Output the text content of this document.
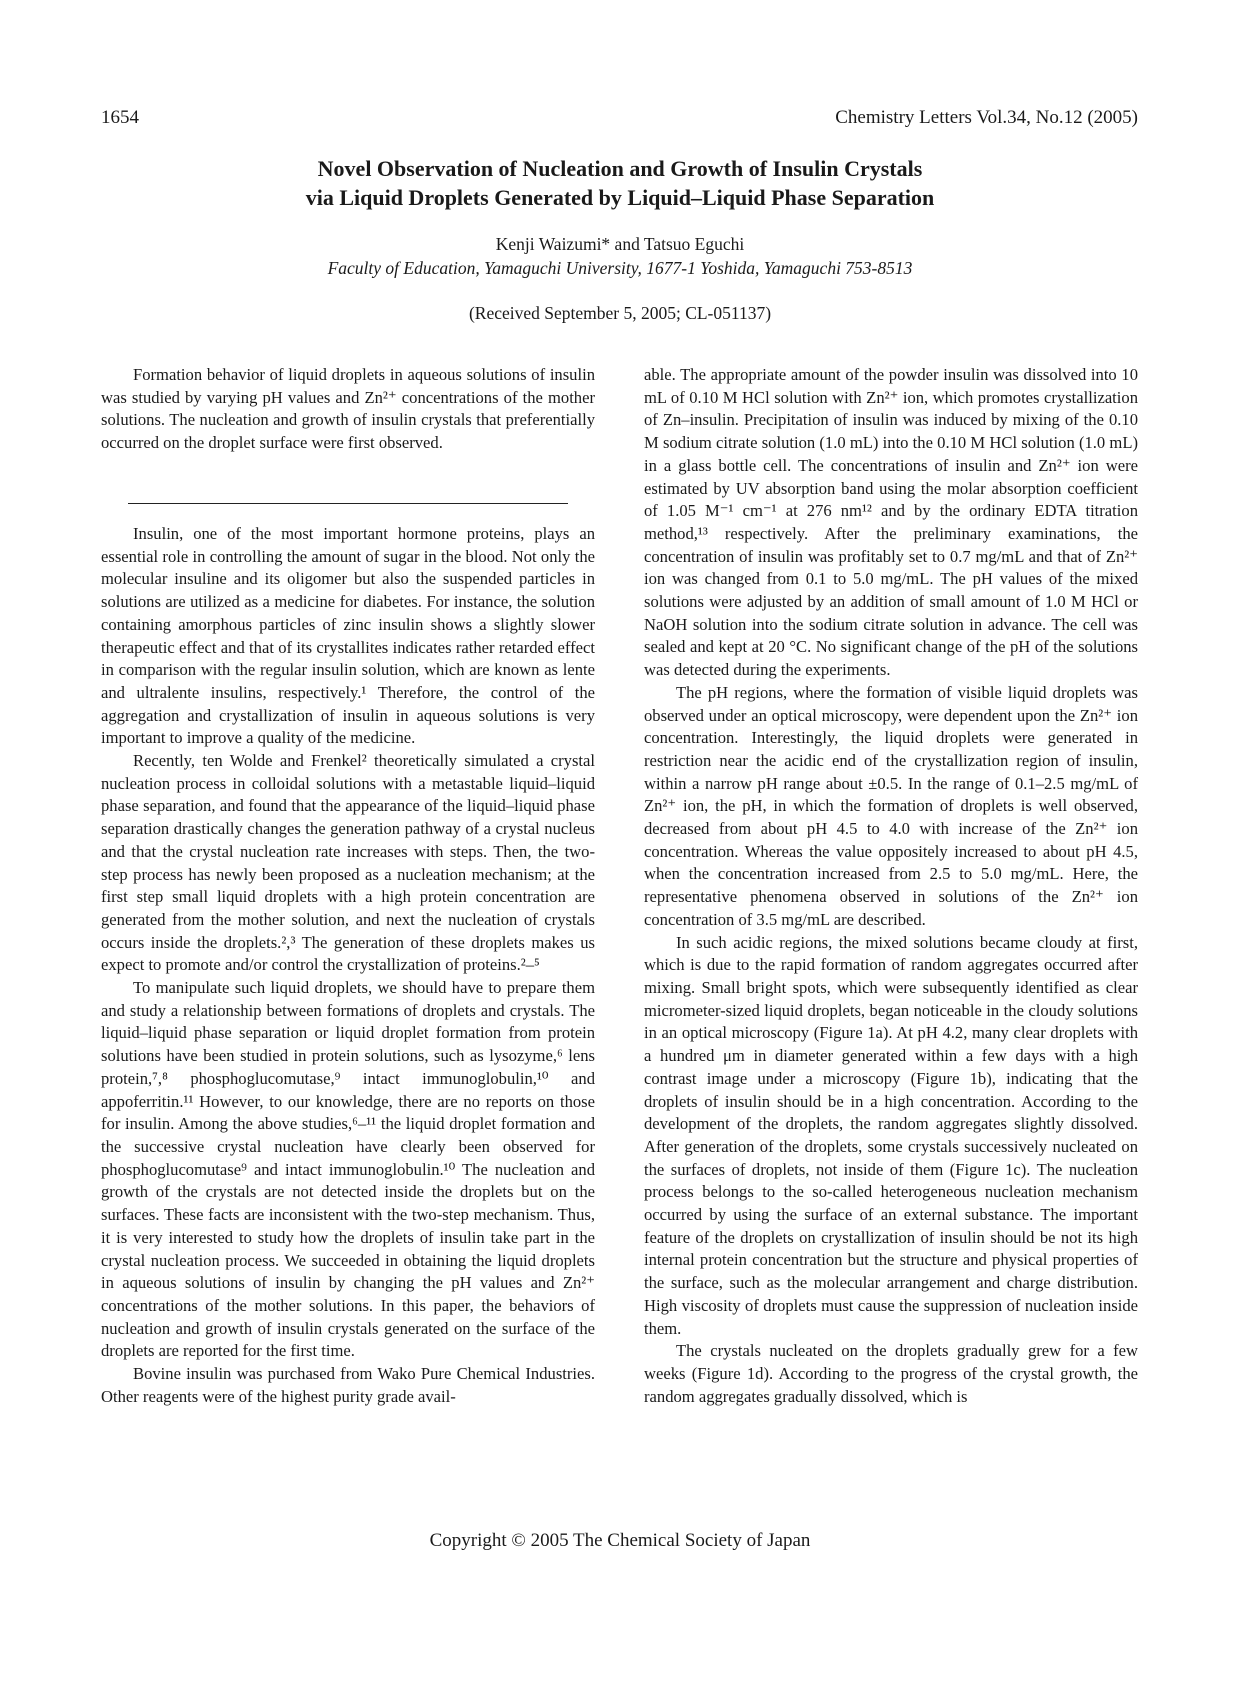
1654	Chemistry Letters Vol.34, No.12 (2005)
Novel Observation of Nucleation and Growth of Insulin Crystals
via Liquid Droplets Generated by Liquid–Liquid Phase Separation
Kenji Waizumi* and Tatsuo Eguchi
Faculty of Education, Yamaguchi University, 1677-1 Yoshida, Yamaguchi 753-8513
(Received September 5, 2005; CL-051137)

Formation behavior of liquid droplets in aqueous solutions of insulin was studied by varying pH values and Zn²⁺ concentrations of the mother solutions. The nucleation and growth of insulin crystals that preferentially occurred on the droplet surface were first observed.

Insulin, one of the most important hormone proteins, plays an essential role in controlling the amount of sugar in the blood. Not only the molecular insuline and its oligomer but also the suspended particles in solutions are utilized as a medicine for diabetes. For instance, the solution containing amorphous particles of zinc insulin shows a slightly slower therapeutic effect and that of its crystallites indicates rather retarded effect in comparison with the regular insulin solution, which are known as lente and ultralente insulins, respectively.¹ Therefore, the control of the aggregation and crystallization of insulin in aqueous solutions is very important to improve a quality of the medicine.

Recently, ten Wolde and Frenkel² theoretically simulated a crystal nucleation process in colloidal solutions with a metastable liquid–liquid phase separation, and found that the appearance of the liquid–liquid phase separation drastically changes the generation pathway of a crystal nucleus and that the crystal nucleation rate increases with steps. Then, the two-step process has newly been proposed as a nucleation mechanism; at the first step small liquid droplets with a high protein concentration are generated from the mother solution, and next the nucleation of crystals occurs inside the droplets.²,³ The generation of these droplets makes us expect to promote and/or control the crystallization of proteins.²–⁵

To manipulate such liquid droplets, we should have to prepare them and study a relationship between formations of droplets and crystals. The liquid–liquid phase separation or liquid droplet formation from protein solutions have been studied in protein solutions, such as lysozyme,⁶ lens protein,⁷,⁸ phosphoglucomutase,⁹ intact immunoglobulin,¹⁰ and appoferritin.¹¹ However, to our knowledge, there are no reports on those for insulin. Among the above studies,⁶–¹¹ the liquid droplet formation and the successive crystal nucleation have clearly been observed for phosphoglucomutase⁹ and intact immunoglobulin.¹⁰ The nucleation and growth of the crystals are not detected inside the droplets but on the surfaces. These facts are inconsistent with the two-step mechanism. Thus, it is very interested to study how the droplets of insulin take part in the crystal nucleation process. We succeeded in obtaining the liquid droplets in aqueous solutions of insulin by changing the pH values and Zn²⁺ concentrations of the mother solutions. In this paper, the behaviors of nucleation and growth of insulin crystals generated on the surface of the droplets are reported for the first time.

Bovine insulin was purchased from Wako Pure Chemical Industries. Other reagents were of the highest purity grade avail-

able. The appropriate amount of the powder insulin was dissolved into 10 mL of 0.10 M HCl solution with Zn²⁺ ion, which promotes crystallization of Zn–insulin. Precipitation of insulin was induced by mixing of the 0.10 M sodium citrate solution (1.0 mL) into the 0.10 M HCl solution (1.0 mL) in a glass bottle cell. The concentrations of insulin and Zn²⁺ ion were estimated by UV absorption band using the molar absorption coefficient of 1.05 M⁻¹ cm⁻¹ at 276 nm¹² and by the ordinary EDTA titration method,¹³ respectively. After the preliminary examinations, the concentration of insulin was profitably set to 0.7 mg/mL and that of Zn²⁺ ion was changed from 0.1 to 5.0 mg/mL. The pH values of the mixed solutions were adjusted by an addition of small amount of 1.0 M HCl or NaOH solution into the sodium citrate solution in advance. The cell was sealed and kept at 20 °C. No significant change of the pH of the solutions was detected during the experiments.

The pH regions, where the formation of visible liquid droplets was observed under an optical microscopy, were dependent upon the Zn²⁺ ion concentration. Interestingly, the liquid droplets were generated in restriction near the acidic end of the crystallization region of insulin, within a narrow pH range about ±0.5. In the range of 0.1–2.5 mg/mL of Zn²⁺ ion, the pH, in which the formation of droplets is well observed, decreased from about pH 4.5 to 4.0 with increase of the Zn²⁺ ion concentration. Whereas the value oppositely increased to about pH 4.5, when the concentration increased from 2.5 to 5.0 mg/mL. Here, the representative phenomena observed in solutions of the Zn²⁺ ion concentration of 3.5 mg/mL are described.

In such acidic regions, the mixed solutions became cloudy at first, which is due to the rapid formation of random aggregates occurred after mixing. Small bright spots, which were subsequently identified as clear micrometer-sized liquid droplets, began noticeable in the cloudy solutions in an optical microscopy (Figure 1a). At pH 4.2, many clear droplets with a hundred μm in diameter generated within a few days with a high contrast image under a microscopy (Figure 1b), indicating that the droplets of insulin should be in a high concentration. According to the development of the droplets, the random aggregates slightly dissolved. After generation of the droplets, some crystals successively nucleated on the surfaces of droplets, not inside of them (Figure 1c). The nucleation process belongs to the so-called heterogeneous nucleation mechanism occurred by using the surface of an external substance. The important feature of the droplets on crystallization of insulin should be not its high internal protein concentration but the structure and physical properties of the surface, such as the molecular arrangement and charge distribution. High viscosity of droplets must cause the suppression of nucleation inside them.

The crystals nucleated on the droplets gradually grew for a few weeks (Figure 1d). According to the progress of the crystal growth, the random aggregates gradually dissolved, which is

Copyright © 2005 The Chemical Society of Japan
